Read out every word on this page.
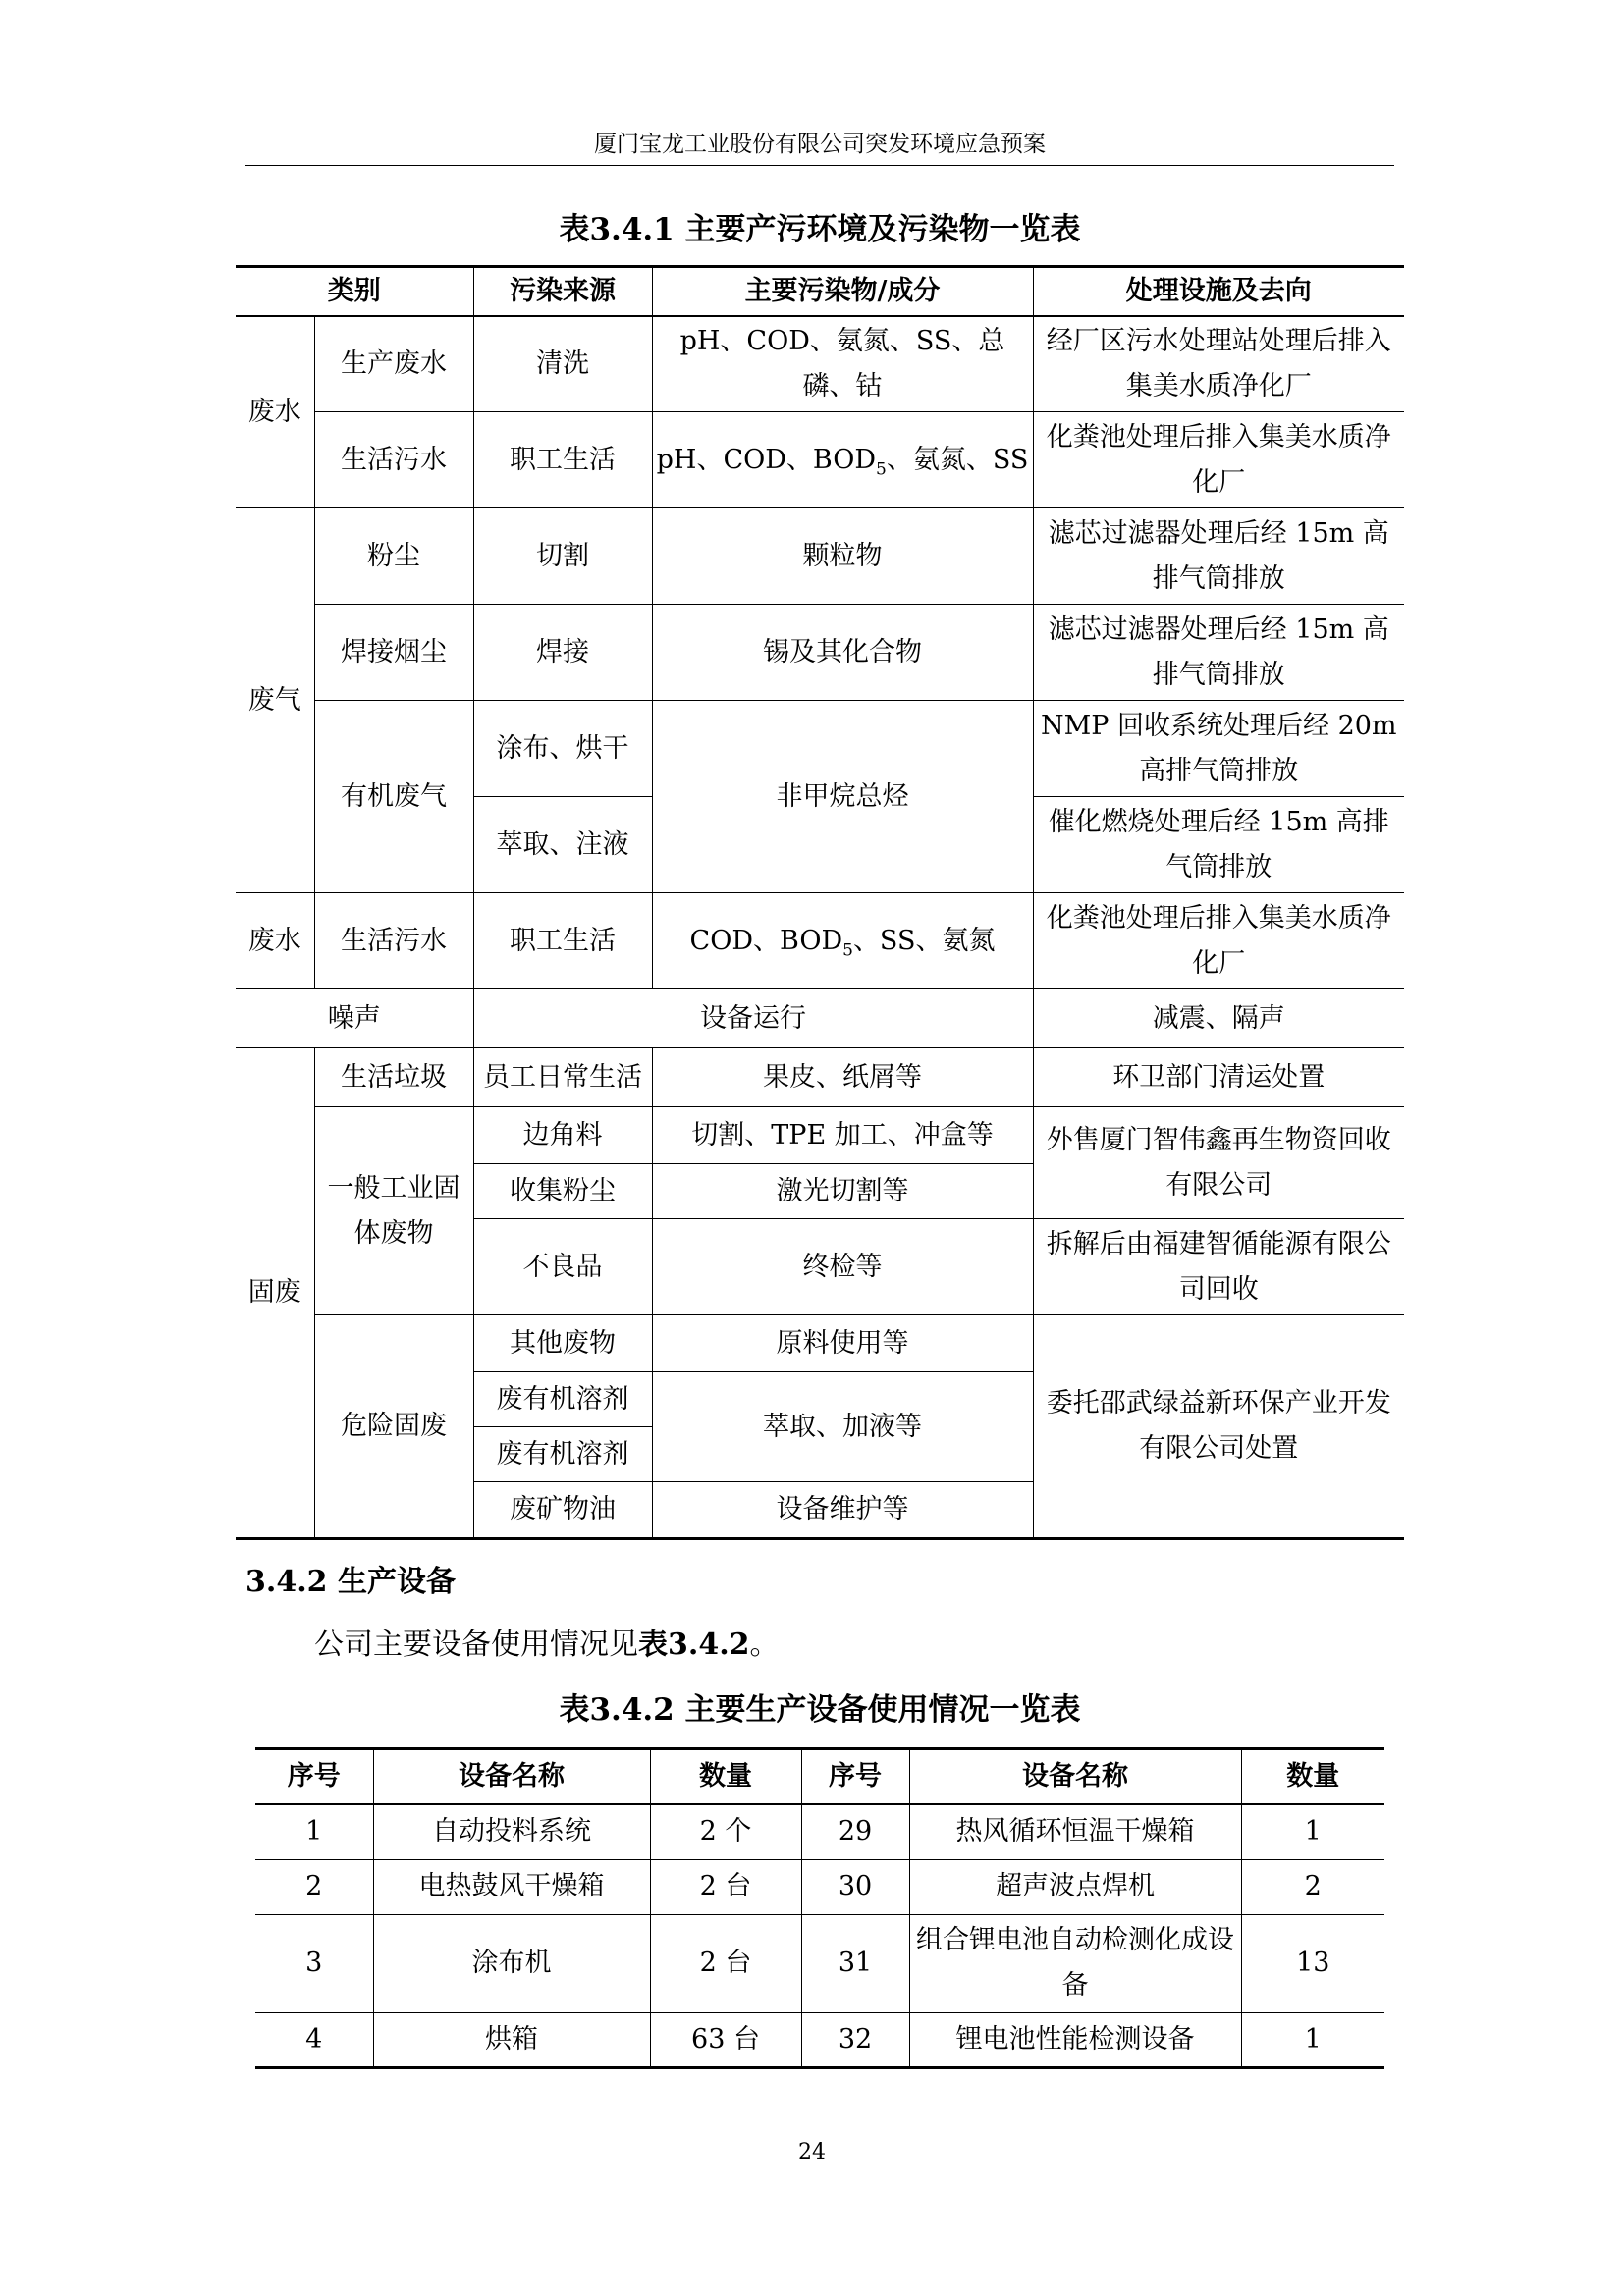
厦门宝龙工业股份有限公司突发环境应急预案
表3.4.1 主要产污环境及污染物一览表
类别		污染来源	主要污染物/成分	处理设施及去向
废水	生产废水	清洗	pH、COD、氨氮、SS、总磷、钴	经厂区污水处理站处理后排入集美水质净化厂
	生活污水	职工生活	pH、COD、$BOD_5$、氨氮、SS	化粪池处理后排入集美水质净化厂
废气	粉尘	切割	颗粒物	滤芯过滤器处理后经 15m 高排气筒排放
	焊接烟尘	焊接	锡及其化合物	滤芯过滤器处理后经 15m 高排气筒排放
	有机废气	涂布、烘干	非甲烷总烃	NMP 回收系统处理后经 20m 高排气筒排放
		萃取、注液		催化燃烧处理后经 15m 高排气筒排放
废水	生活污水	职工生活	COD、$BOD_5$、SS、氨氮	化粪池处理后排入集美水质净化厂
噪声		设备运行		减震、隔声
固废	生活垃圾	员工日常生活	果皮、纸屑等	环卫部门清运处置
	一般工业固体废物	边角料	切割、TPE 加工、冲盒等	外售厦门智伟鑫再生物资回收有限公司
		收集粉尘	激光切割等	
		不良品	终检等	拆解后由福建智循能源有限公司回收
	危险固废	其他废物	原料使用等	委托邵武绿益新环保产业开发有限公司处置
		废有机溶剂	萃取、加液等	
		废有机溶剂		
		废矿物油	设备维护等	
3.4.2 生产设备
公司主要设备使用情况见表3.4.2。
表3.4.2 主要生产设备使用情况一览表
序号	设备名称	数量	序号	设备名称	数量
1	自动投料系统	2 个	29	热风循环恒温干燥箱	1
2	电热鼓风干燥箱	2 台	30	超声波点焊机	2
3	涂布机	2 台	31	组合锂电池自动检测化成设备	13
4	烘箱	63 台	32	锂电池性能检测设备	1
24
